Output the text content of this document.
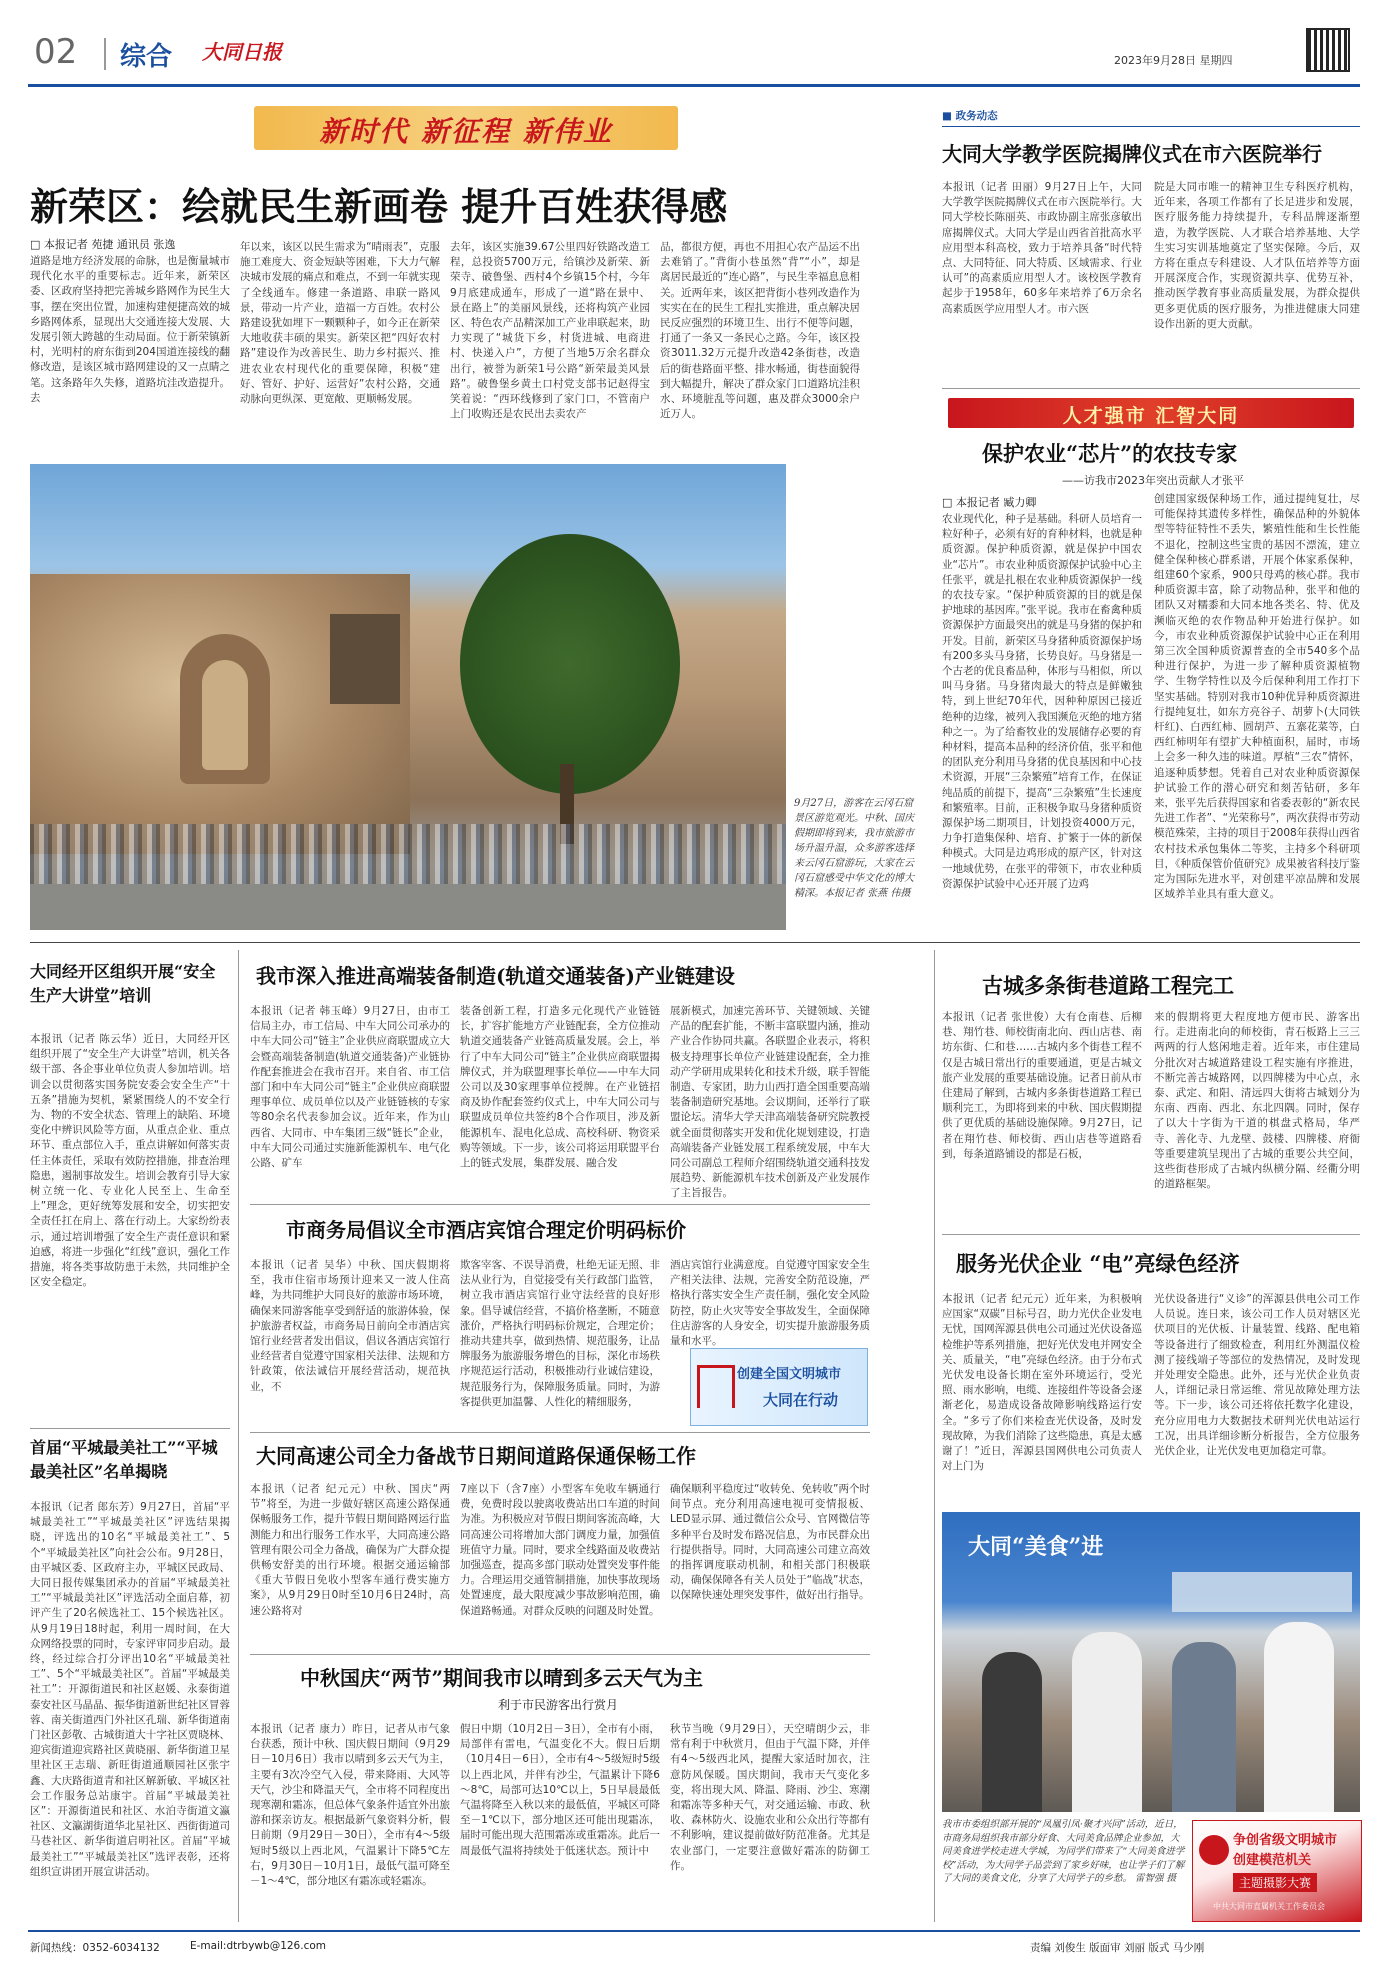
02 综合 大同日报	2023年9月28日 星期四
新时代 新征程 新伟业
新荣区：绘就民生新画卷 提升百姓获得感
□ 本报记者 苑捷 通讯员 张逸
道路是地方经济发展的命脉，也是衡量城市现代化水平的重要标志。近年来，新荣区委、区政府坚持把完善城乡路网作为民生大事，摆在突出位置，加速构建便捷高效的城乡路网体系，显现出大交通连接大发展、大发展引领大跨越的生动局面。位于新荣镇新村，光明村的府东街到204国道连接线的翻修改造，是该区城市路网建设的又一点睛之笔。这条路年久失修，道路坑洼改造提升。去
年以来，该区以民生需求为“晴雨表”，克服施工难度大、资金短缺等困难，下大力气解决城市发展的痛点和难点，不到一年就实现了全线通车。修建一条道路、串联一路风景，带动一片产业，造福一方百姓。农村公路建设犹如埋下一颗颗种子，如今正在新荣大地收获丰硕的果实。新荣区把“四好农村路”建设作为改善民生、助力乡村振兴、推进农业农村现代化的重要保障，积极“建好、管好、护好、运营好”农村公路，交通动脉向更纵深、更宽敞、更顺畅发展。
去年，该区实施39.67公里四好铁路改造工程，总投资5700万元，给镇沙及新荣、新荣寺、破鲁堡、西村4个乡镇15个村，今年9月底建成通车，形成了一道“路在景中、景在路上”的美丽风景线，还将构筑产业园区、特色农产品精深加工产业串联起来，助力实现了“城货下乡，村货进城、电商进村、快递入户”，方便了当地5万余名群众出行，被誉为新荣1号公路“新荣最美风景路”。破鲁堡乡黄土口村党支部书记赵得宝笑着说：“西环线修到了家门口，不管南户上门收购还是农民出去卖农产
品，都很方便，再也不用担心农产品运不出去难销了。”背街小巷虽然“背”“小”，却是离居民最近的“连心路”，与民生幸福息息相关。近两年来，该区把背街小巷列改造作为实实在在的民生工程扎实推进，重点解决居民反应强烈的环境卫生、出行不便等问题，打通了一条又一条民心之路。今年，该区投资3011.32万元提升改造42条街巷，改造后的街巷路面平整、排水畅通，街巷面貌得到大幅提升，解决了群众家门口道路坑洼积水、环境脏乱等问题，惠及群众3000余户近万人。
9月27日，游客在云冈石窟景区游览观光。中秋、国庆假期即将到来，我市旅游市场升温升温，众多游客选择来云冈石窟游玩，大家在云冈石窟感受中华文化的博大精深。本报记者 张燕 伟摄
■ 政务动态
大同大学教学医院揭牌仪式在市六医院举行
本报讯（记者 田丽）9月27日上午，大同大学教学医院揭牌仪式在市六医院举行。大同大学校长陈丽英、市政协副主席张彦敏出席揭牌仪式。大同大学是山西省首批高水平应用型本科高校，致力于培养具备“时代特点、大同特征、同大特质、区域需求、行业认可”的高素质应用型人才。该校医学教育起步于1958年，60多年来培养了6万余名高素质医学应用型人才。市六医
院是大同市唯一的精神卫生专科医疗机构，近年来，各项工作都有了长足进步和发展，医疗服务能力持续提升，专科品牌逐渐塑造，为教学医院、人才联合培养基地、大学生实习实训基地奠定了坚实保障。今后，双方将在重点专科建设、人才队伍培养等方面开展深度合作，实现资源共享、优势互补，推动医学教育事业高质量发展，为群众提供更多更优质的医疗服务，为推进健康大同建设作出新的更大贡献。
人才强市 汇智大同
保护农业“芯片”的农技专家
——访我市2023年突出贡献人才张平
□ 本报记者 臧力卿
农业现代化，种子是基础。科研人员培育一粒好种子，必须有好的育种材料，也就是种质资源。保护种质资源，就是保护中国农业“芯片”。市农业种质资源保护试验中心主任张平，就是扎根在农业种质资源保护一线的农技专家。“保护种质资源的目的就是保护地球的基因库。”张平说。我市在畜禽种质资源保护方面最突出的就是马身猪的保护和开发。目前，新荣区马身猪种质资源保护场有200多头马身猪，长势良好。马身猪是一个古老的优良畜品种，体形与马相似，所以叫马身猪。马身猪肉最大的特点是鲜嫩独特，到上世纪70年代，因种种原因已接近绝种的边缘，被列入我国濒危灭绝的地方猪种之一。为了给畜牧业的发展储存必要的育种材料，提高本品种的经济价值，张平和他的团队充分利用马身猪的优良基因和中心技术资源，开展“三杂繁殖”培育工作，在保证纯品质的前提下，提高“三杂繁殖”生长速度和繁殖率。目前，正积极争取马身猪种质资源保护场二期项目，计划投资4000万元，力争打造集保种、培育、扩繁于一体的新保种模式。大同是边鸡形成的原产区，针对这一地域优势，在张平的带领下，市农业种质资源保护试验中心还开展了边鸡
创建国家级保种场工作，通过提纯复壮，尽可能保持其遗传多样性，确保品种的外貌体型等特征特性不丢失，繁殖性能和生长性能不退化，控制这些宝贵的基因不漂流，建立健全保种核心群系谱，开展个体家系保种，组建60个家系，900只母鸡的核心群。我市种质资源丰富，除了动物品种，张平和他的团队又对糯黍和大同本地各类名、特、优及濒临灭绝的农作物品种开始进行保护。如今，市农业种质资源保护试验中心正在利用第三次全国种质资源普查的全市540多个品种进行保护，为进一步了解种质资源植物学、生物学特性以及今后保种利用工作打下坚实基础。特别对我市10种优异种质资源进行提纯复壮，如东方亮谷子、胡萝卜(大同铁杆红)、白西红柿、圆胡芦、五寨花菜等，白西红柿明年有望扩大种植面积，届时，市场上会多一种久违的味道。厚植“三农”情怀，追逐种质梦想。凭着自己对农业种质资源保护试验工作的潜心研究和刻苦钻研，多年来，张平先后获得国家和省委表彰的“新农民先进工作者”、“光荣称号”，两次获得市劳动模范殊荣，主持的项目于2008年获得山西省农村技术承包集体二等奖，主持多个科研项目，《种质保管价值研究》成果被省科技厅鉴定为国际先进水平，对创建平凉品牌和发展区域养羊业具有重大意义。
大同经开区组织开展“安全生产大讲堂”培训
本报讯（记者 陈云华）近日，大同经开区组织开展了“安全生产大讲堂”培训，机关各级干部、各企事业单位负责人参加培训。培训会以贯彻落实国务院安委会安全生产“十五条”措施为契机，紧紧围绕人的不安全行为、物的不安全状态、管理上的缺陷、环境变化中辨识风险等方面，从重点企业、重点环节、重点部位入手，重点讲解如何落实责任主体责任，采取有效防控措施，排查治理隐患，遏制事故发生。培训会教育引导大家树立统一化、专业化人民至上、生命至上”理念，更好统筹发展和安全，切实把安全责任扛在肩上、落在行动上。大家纷纷表示，通过培训增强了安全生产责任意识和紧迫感，将进一步强化“红线”意识，强化工作措施，将各类事故防患于未然，共同维护全区安全稳定。
首届“平城最美社工”“平城最美社区”名单揭晓
本报讯（记者 郎东芳）9月27日，首届“平城最美社工”“平城最美社区”评选结果揭晓，评选出的10名“平城最美社工”、5个“平城最美社区”向社会公布。9月28日，由平城区委、区政府主办，平城区民政局、大同日报传媒集团承办的首届“平城最美社工”“平城最美社区”评选活动全面启幕，初评产生了20名候选社工、15个候选社区。从9月19日18时起，利用一周时间，在大众网络投票的同时，专家评审同步启动。最终，经过综合打分评出10名“平城最美社工”、5个“平城最美社区”。首届“平城最美社工”：开源街道民和社区赵媛、永泰街道泰安社区马晶晶、振华街道新世纪社区冒蓉蓉、南关街道西门外社区孔瑞、新华街道南门社区彭敬、古城街道大十字社区贾晓林、迎宾街道迎宾路社区黄晓丽、新华街道卫星里社区王志瑞、新旺街道通顺园社区张宇鑫、大庆路街道青和社区解新敏、平城区社会工作服务总站康宇。首届“平城最美社区”：开源街道民和社区、水泊寺街道文瀛社区、文瀛湖街道华北星社区、西街街道司马巷社区、新华街道启明社区。首届“平城最美社工”“平城最美社区”选评表彰，还将组织宣讲团开展宣讲活动。
我市深入推进高端装备制造(轨道交通装备)产业链建设
本报讯（记者 韩玉峰）9月27日，由市工信局主办，市工信局、中车大同公司承办的中车大同公司“链主”企业供应商联盟成立大会暨高端装备制造(轨道交通装备)产业链协作配套推进会在我市召开。来自省、市工信部门和中车大同公司“链主”企业供应商联盟理事单位、成员单位以及产业链链核的专家等80余名代表参加会议。近年来，作为山西省、大同市、中车集团三级“链长”企业，中车大同公司通过实施新能源机车、电气化公路、矿车
装备创新工程，打造多元化现代产业链链长，扩容扩能地方产业链配套，全方位推动轨道交通装备产业链高质量发展。会上，举行了中车大同公司“链主”企业供应商联盟揭牌仪式，并为联盟理事长单位——中车大同公司以及30家理事单位授牌。在产业链招商及协作配套签约仪式上，中车大同公司与联盟成员单位共签约8个合作项目，涉及新能源机车、混电化总成、高校科研、物资采购等领域。下一步，该公司将运用联盟平台上的链式发展，集群发展、融合发
展新模式，加速完善环节、关键领域、关键产品的配套扩能，不断丰富联盟内涵，推动产业合作协同共赢。各联盟企业表示，将积极支持理事长单位产业链建设配套，全力推动产学研用成果转化和技术升级，联手智能制造、专家团，助力山西打造全国重要高端装备制造研究基地。会议期间，还举行了联盟论坛。清华大学天津高端装备研究院教授就全面贯彻落实开发和优化规划建设，打造高端装备产业链发展工程系统发展，中车大同公司副总工程师介绍围绕轨道交通科技发展趋势、新能源机车技术创新及产业发展作了主旨报告。
市商务局倡议全市酒店宾馆合理定价明码标价
本报讯（记者 吴华）中秋、国庆假期将至，我市住宿市场预计迎来又一波人住高峰，为共同维护大同良好的旅游市场环境，确保来同游客能享受到舒适的旅游体验，保护旅游者权益，市商务局日前向全市酒店宾馆行业经营者发出倡议，倡议各酒店宾馆行业经营者自觉遵守国家相关法律、法规和方针政策，依法诚信开展经营活动，规范执业，不
欺客宰客、不误导消费，杜绝无证无照、非法从业行为，自觉接受有关行政部门监管，树立我市酒店宾馆行业守法经营的良好形象。倡导诚信经营，不搞价格垄断，不随意涨价，严格执行明码标价规定，合理定价；推动共建共享，做到热情、规范服务，让品牌服务为旅游服务增色的目标，深化市场秩序规范运行活动，积极推动行业诚信建设，规范服务行为，保障服务质量。同时，为游客提供更加温馨、人性化的精细服务，
酒店宾馆行业满意度。自觉遵守国家安全生产相关法律、法规，完善安全防范设施，严格执行落实安全生产责任制，强化安全风险防控，防止火灾等安全事故发生，全面保障住店游客的人身安全，切实提升旅游服务质量和水平。
创建全国文明城市
大同在行动
大同高速公司全力备战节日期间道路保通保畅工作
本报讯（记者 纪元元）中秋、国庆“两节”将至，为进一步做好辖区高速公路保通保畅服务工作，提升节假日期间路网运行监测能力和出行服务工作水平，大同高速公路管理有限公司全力备战，确保为广大群众提供畅安舒美的出行环境。根据交通运输部《重大节假日免收小型客车通行费实施方案》，从9月29日0时至10月6日24时，高速公路将对
7座以下（含7座）小型客车免收车辆通行费，免费时段以驶离收费站出口车道的时间为准。为积极应对节假日期间客流高峰，大同高速公司将增加大部门调度力量，加强值班值守力量。同时，要求全线路面及收费站加强巡查，提高多部门联动处置突发事件能力。合理运用交通管制措施，加快事故现场处置速度，最大限度减少事故影响范围，确保道路畅通。对群众反映的问题及时处置。
确保顺利平稳度过“收转免、免转收”两个时间节点。充分利用高速电视可变情报板、LED显示屏、通过微信公众号、官网微信等多种平台及时发布路况信息，为市民群众出行提供指导。同时，大同高速公司建立高效的指挥调度联动机制，和相关部门积极联动，确保保障各有关人员处于“临战”状态，以保障快速处理突发事件，做好出行指导。
中秋国庆“两节”期间我市以晴到多云天气为主
利于市民游客出行赏月
本报讯（记者 康力）昨日，记者从市气象台获悉，预计中秋、国庆假日期间（9月29日－10月6日）我市以晴到多云天气为主，主要有3次冷空气入侵，带来降雨、大风等天气，沙尘和降温天气，全市将不同程度出现寒潮和霜冻，但总体气象条件适宜外出旅游和探亲访友。根据最新气象资料分析，假日前期（9月29日－30日），全市有4～5级短时5级以上西北风，气温累计下降5℃左右，9月30日－10月1日，最低气温可降至－1～4℃，部分地区有霜冻或轻霜冻。
假日中期（10月2日－3日），全市有小雨，局部伴有雷电，气温变化不大。假日后期（10月4日－6日），全市有4～5级短时5级以上西北风，并伴有沙尘，气温累计下降6～8℃，局部可达10℃以上，5日早晨最低气温将降至入秋以来的最低值，平城区可降至－1℃以下，部分地区还可能出现霜冻，届时可能出现大范围霜冻或重霜冻。此后一周最低气温将持续处于低迷状态。预计中
秋节当晚（9月29日），天空晴朗少云，非常有利于中秋赏月，但由于气温下降，并伴有4～5级西北风，提醒大家适时加衣，注意防风保暖。国庆期间，我市天气变化多变，将出现大风、降温、降雨、沙尘、寒潮和霜冻等多种天气，对交通运输、市政、秋收、森林防火、设施农业和公众出行等都有不利影响，建议提前做好防范准备。尤其是农业部门，一定要注意做好霜冻的防御工作。
古城多条街巷道路工程完工
本报讯（记者 张世俊）大有仓南巷、后柳巷、翔竹巷、师校街南北向、西山店巷、南坊东街、仁和巷……古城内多个街巷工程不仅是古城日常出行的重要通道，更是古城文旅产业发展的重要基础设施。记者日前从市住建局了解到，古城内多条街巷道路工程已顺利完工，为即将到来的中秋、国庆假期提供了更优质的基础设施保障。9月27日，记者在翔竹巷、师校街、西山店巷等道路看到，每条道路铺设的都是石板，
来的假期将更大程度地方便市民、游客出行。走进南北向的师校街，青石板路上三三两两的行人悠闲地走着。近年来，市住建局分批次对古城道路建设工程实施有序推进，不断完善古城路网，以四牌楼为中心点，永泰、武定、和阳、清远四大街将古城划分为东南、西南、西北、东北四隅。同时，保存了以大十字街为干道的棋盘式格局，华严寺、善化寺、九龙壁、鼓楼、四牌楼、府衙等重要建筑呈现出了古城的重要公共空间，这些街巷形成了古城内纵横分隔、经衢分明的道路框架。
服务光伏企业 “电”亮绿色经济
本报讯（记者 纪元元）近年来，为积极响应国家“双碳”目标号召，助力光伏企业发电无忧，国网浑源县供电公司通过光伏设备巡检维护等系列措施，把好光伏发电并网安全关、质量关，“电”亮绿色经济。由于分布式光伏发电设备长期在室外环境运行，受光照、雨水影响，电缆、连接组件等设备会逐渐老化，易造成设备故障影响线路运行安全。“多亏了你们来检查光伏设备，及时发现故障，为我们消除了这些隐患，真是太感谢了！”近日，浑源县国网供电公司负责人对上门为
光伏设备进行“义诊”的浑源县供电公司工作人员说。连日来，该公司工作人员对辖区光伏项目的光伏板、计量装置、线路、配电箱等设备进行了细致检查，利用红外测温仪检测了接线端子等部位的发热情况，及时发现并处理安全隐患。此外，还与光伏企业负责人，详细记录日常运维、常见故障处理方法等。下一步，该公司还将依托数字化建设，充分应用电力大数据技术研判光伏电站运行工况，出具详细诊断分析报告，全方位服务光伏企业，让光伏发电更加稳定可靠。
大同“美食”进
我市市委组织部开展的“凤凰引凤·聚才兴同”活动，近日，市商务局组织我市部分好食、大同美食品牌企业参加，大同美食进学校走进大学城，为同学们带来了“大同美食进学校”活动，为大同学子品尝到了家乡好味，也让学子们了解了大同的美食文化，分享了大同学子的乡愁。 雷智强 摄
争创省级文明城市
创建模范机关
主题摄影大赛
中共大同市直属机关工作委员会
新闻热线：0352-6034132	E-mail:dtrbywb@126.com	责编 刘俊生 版面审 刘丽 版式 马少刚
